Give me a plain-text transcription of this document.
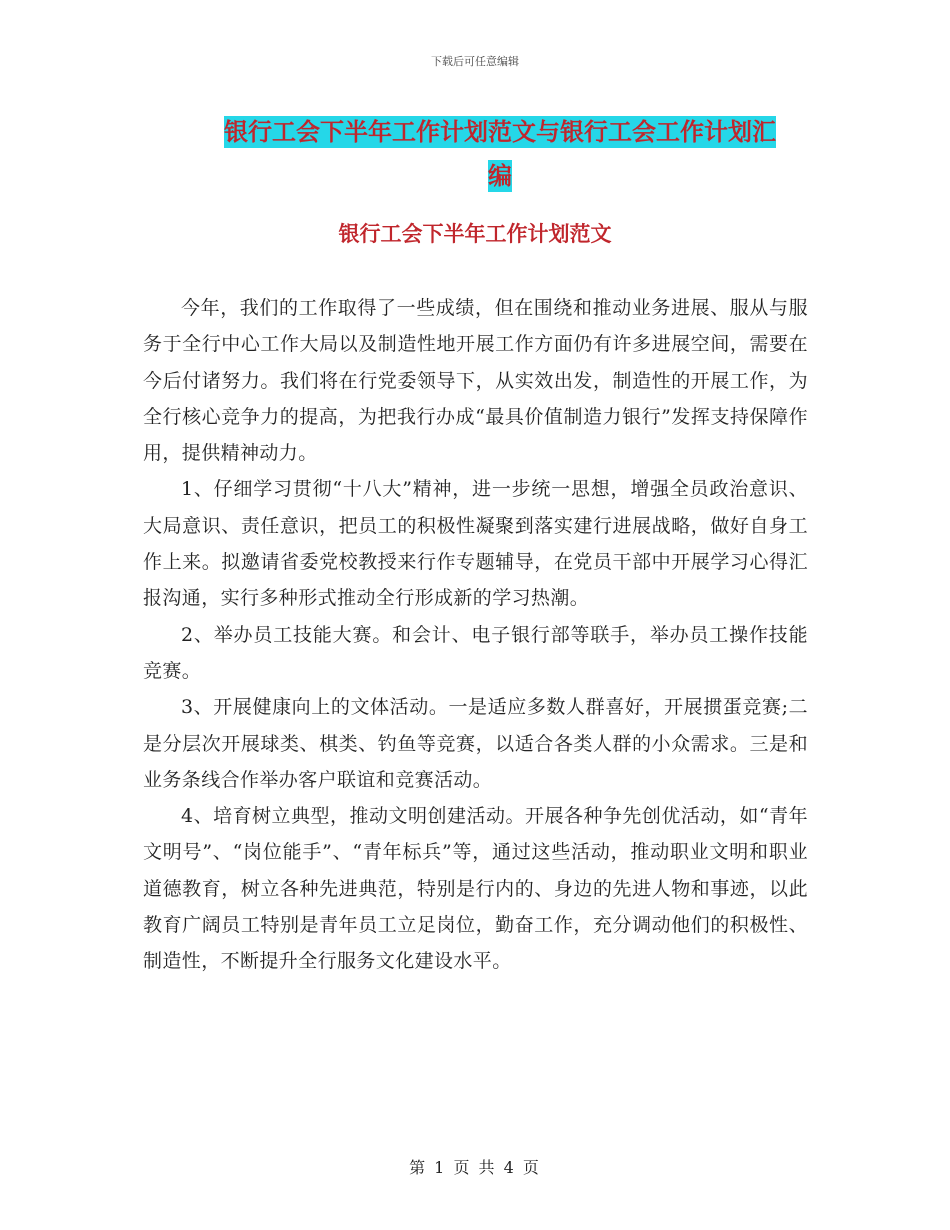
下载后可任意编辑
银行工会下半年工作计划范文与银行工会工作计划汇
编
银行工会下半年工作计划范文

今年，我们的工作取得了一些成绩，但在围绕和推动业务进展、服从与服务于全行中心工作大局以及制造性地开展工作方面仍有许多进展空间，需要在今后付诸努力。我们将在行党委领导下，从实效出发，制造性的开展工作，为全行核心竞争力的提高，为把我行办成“最具价值制造力银行”发挥支持保障作用，提供精神动力。

1、仔细学习贯彻“十八大”精神，进一步统一思想，增强全员政治意识、大局意识、责任意识，把员工的积极性凝聚到落实建行进展战略，做好自身工作上来。拟邀请省委党校教授来行作专题辅导，在党员干部中开展学习心得汇报沟通，实行多种形式推动全行形成新的学习热潮。

2、举办员工技能大赛。和会计、电子银行部等联手，举办员工操作技能竞赛。

3、开展健康向上的文体活动。一是适应多数人群喜好，开展掼蛋竞赛;二是分层次开展球类、棋类、钓鱼等竞赛，以适合各类人群的小众需求。三是和业务条线合作举办客户联谊和竞赛活动。

4、培育树立典型，推动文明创建活动。开展各种争先创优活动，如“青年文明号”、“岗位能手”、“青年标兵”等，通过这些活动，推动职业文明和职业道德教育，树立各种先进典范，特别是行内的、身边的先进人物和事迹，以此教育广阔员工特别是青年员工立足岗位，勤奋工作，充分调动他们的积极性、制造性，不断提升全行服务文化建设水平。

第 1 页 共 4 页
